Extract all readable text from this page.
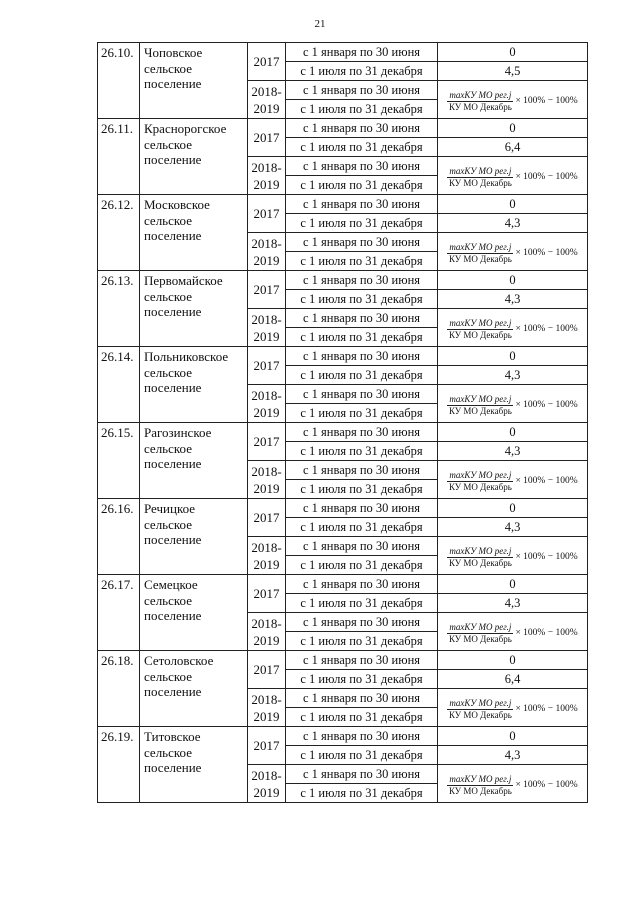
21
26.10.	Чоповское
сельское
поселение	2017	с 1 января по 30 июня	0
			с 1 июля по 31 декабря	4,5
		2018-
2019	с 1 января по 30 июня	$\frac{\text{maxКУ МО рег.j}}{\text{КУ МО Декабрь}} \times 100\% - 100\%$

			с 1 июля по 31 декабря	
26.11.	Краснорогское
сельское
поселение	2017	с 1 января по 30 июня	0
			с 1 июля по 31 декабря	6,4
		2018-
2019	с 1 января по 30 июня	$\frac{\text{maxКУ МО рег.j}}{\text{КУ МО Декабрь}} \times 100\% - 100\%$

			с 1 июля по 31 декабря	
26.12.	Московское
сельское
поселение	2017	с 1 января по 30 июня	0
			с 1 июля по 31 декабря	4,3
		2018-
2019	с 1 января по 30 июня	$\frac{\text{maxКУ МО рег.j}}{\text{КУ МО Декабрь}} \times 100\% - 100\%$

			с 1 июля по 31 декабря	
26.13.	Первомайское
сельское
поселение	2017	с 1 января по 30 июня	0
			с 1 июля по 31 декабря	4,3
		2018-
2019	с 1 января по 30 июня	$\frac{\text{maxКУ МО рег.j}}{\text{КУ МО Декабрь}} \times 100\% - 100\%$

			с 1 июля по 31 декабря	
26.14.	Польниковское
сельское
поселение	2017	с 1 января по 30 июня	0
			с 1 июля по 31 декабря	4,3
		2018-
2019	с 1 января по 30 июня	$\frac{\text{maxКУ МО рег.j}}{\text{КУ МО Декабрь}} \times 100\% - 100\%$

			с 1 июля по 31 декабря	
26.15.	Рагозинское
сельское
поселение	2017	с 1 января по 30 июня	0
			с 1 июля по 31 декабря	4,3
		2018-
2019	с 1 января по 30 июня	$\frac{\text{maxКУ МО рег.j}}{\text{КУ МО Декабрь}} \times 100\% - 100\%$

			с 1 июля по 31 декабря	
26.16.	Речицкое
сельское
поселение	2017	с 1 января по 30 июня	0
			с 1 июля по 31 декабря	4,3
		2018-
2019	с 1 января по 30 июня	$\frac{\text{maxКУ МО рег.j}}{\text{КУ МО Декабрь}} \times 100\% - 100\%$

			с 1 июля по 31 декабря	
26.17.	Семецкое
сельское
поселение	2017	с 1 января по 30 июня	0
			с 1 июля по 31 декабря	4,3
		2018-
2019	с 1 января по 30 июня	$\frac{\text{maxКУ МО рег.j}}{\text{КУ МО Декабрь}} \times 100\% - 100\%$

			с 1 июля по 31 декабря	
26.18.	Сетоловское
сельское
поселение	2017	с 1 января по 30 июня	0
			с 1 июля по 31 декабря	6,4
		2018-
2019	с 1 января по 30 июня	$\frac{\text{maxКУ МО рег.j}}{\text{КУ МО Декабрь}} \times 100\% - 100\%$

			с 1 июля по 31 декабря	
26.19.	Титовское
сельское
поселение	2017	с 1 января по 30 июня	0
			с 1 июля по 31 декабря	4,3
		2018-
2019	с 1 января по 30 июня	$\frac{\text{maxКУ МО рег.j}}{\text{КУ МО Декабрь}} \times 100\% - 100\%$

			с 1 июля по 31 декабря	
